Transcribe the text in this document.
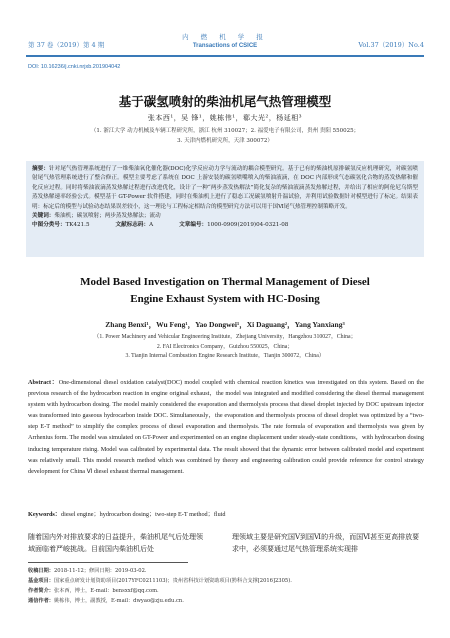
第 37 卷（2019）第 4 期
内 燃 机 学 报
Transactions of CSICE	Vol.37（2019）No.4
DOI: 10.16236/j.cnki.nrjxb.201904042
基于碳氢喷射的柴油机尾气热管理模型
张本西¹，吴 锋¹，姚栋伟¹，郗大光²，杨延相³
（1. 浙江大学 动力机械及车辆工程研究所，浙江 杭州 310027；2. 福爱电子有限公司，贵州 贵阳 550025；
3. 天津内燃机研究所，天津 300072）
摘要：针对尾气热管理系统进行了一维柴油氧化催化器(DOC)化学反应动力学与流动的耦合模型研究。基于已有的柴油机原排碳氢反应机理研究，对碳氢喷射尾气热管理系统进行了整合修正。模型主要考虑了系统在 DOC 上游安装的碳氢喷嘴喷入的柴油液滴，在 DOC 内部形成气态碳氢化合物的蒸发热解和催化反应过程。同时将柴油液滴蒸发热解过程进行改进优化，设计了一种“两步蒸发热解法”简化复杂的柴油液滴蒸发热解过程，并给出了相应的阿伦尼乌斯型蒸发热解速率经验公式。模型基于 GT-Power 软件搭建，同时在柴油机上进行了稳态工况碳氢喷射升温试验，并利用试验数据针对模型进行了标定。结果表明：标定后的模型与试验动态结果误差较小，这一理论与工程标定相结合的模型研究方法可以用于国Ⅵ尾气热管理控制策略开发。
关键词：柴油机；碳氢喷射；两步蒸发热解法；流动
中图分类号：TK421.5	文献标志码：A	文章编号：1000-0909(2019)04-0321-08
Model Based Investigation on Thermal Management of Diesel
Engine Exhaust System with HC-Dosing
Zhang Benxi¹，Wu Feng¹，Yao Dongwei¹，Xi Daguang²，Yang Yanxiang³
（1. Power Machinery and Vehicular Engineering Institute，Zhejiang University，Hangzhou 310027，China；
2. FAI Electronics Company，Guizhou 550025，China；
3. Tianjin Internal Combustion Engine Research Institute，Tianjin 300072，China）
Abstract：One-dimensional diesel oxidation catalyst(DOC) model coupled with chemical reaction kinetics was investigated on this system. Based on the previous research of the hydrocarbon reaction in engine original exhaust，the model was integrated and modified considering the diesel thermal management system with hydrocarbon dosing. The model mainly considered the evaporation and thermolysis process that diesel droplet injected by DOC upstream injector was transformed into gaseous hydrocarbon inside DOC. Simultaneously，the evaporation and thermolysis process of diesel droplet was optimized by a “two-step E-T method” to simplify the complex process of diesel evaporation and thermolysis. The rate formula of evaporation and thermolysis was given by Arrhenius form. The model was simulated on GT-Power and experimented on an engine displacement under steady-state conditions，with hydrocarbon dosing inducing temperature rising. Model was calibrated by experimental data. The result showed that the dynamic error between calibrated model and experiment was relatively small. This model research method which was combined by theory and engineering calibration could provide reference for control strategy development for China Ⅵ diesel exhaust thermal management.
Keywords：diesel engine；hydrocarbon dosing；two-step E-T method；fluid
随着国内外对排放要求的日益提升，柴油机尾气后处理领域面临着严峻挑战。目前国内柴油机后处
理领域主要是研究国Ⅴ到国Ⅵ的升级，而国Ⅵ甚至更高排放要求中，必须要通过尾气热管理系统实现排
收稿日期：2018-11-12；修回日期：2019-03-02.
基金项目：国家重点研发计划资助项目(2017YFC0211103)；贵州省科技计划资助项目(黔科合支撑[2016]2305).
作者简介：张本西，博士，E-mail：bensxxf@qq.com.
通信作者：姚栋伟，博士，副教授，E-mail：dwyao@zju.edu.cn.
